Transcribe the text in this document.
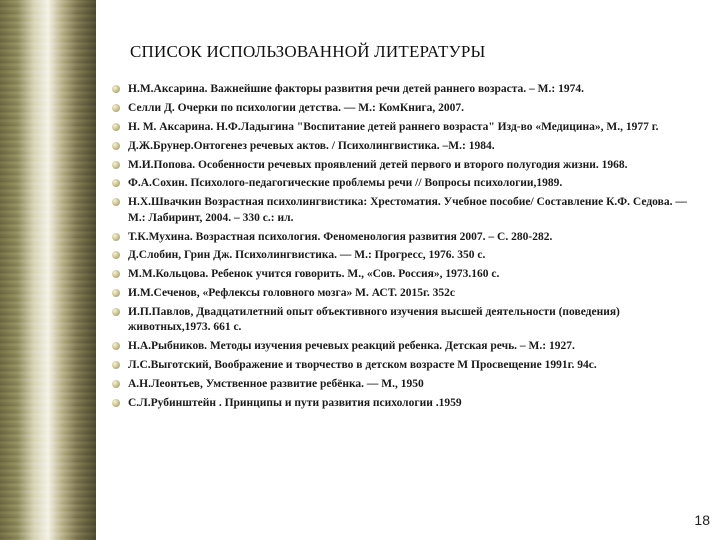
СПИСОК ИСПОЛЬЗОВАННОЙ ЛИТЕРАТУРЫ
Н.М.Аксарина. Важнейшие факторы развития речи детей раннего возраста. – М.: 1974.
Селли Д. Очерки по психологии детства. — М.: КомКнига, 2007.
Н. М. Аксарина. Н.Ф.Ладыгина "Воспитание детей раннего возраста" Изд-во «Медицина», М., 1977 г.
Д.Ж.Брунер.Онтогенез речевых актов. / Психолингвистика. –М.: 1984.
М.И.Попова. Особенности речевых проявлений детей первого и второго полугодия жизни. 1968.
Ф.А.Сохин. Психолого-педагогические проблемы речи // Вопросы психологии,1989.
Н.Х.Швачкин Возрастная психолингвистика: Хрестоматия. Учебное пособие/ Составление К.Ф. Седова. — М.: Лабиринт, 2004. – 330 с.: ил.
Т.К.Мухина. Возрастная психология. Феноменология развития 2007. – С. 280-282.
Д.Слобин, Грин Дж. Психолингвистика. — М.: Прогресс, 1976. 350 с.
М.М.Кольцова. Ребенок учится говорить. М., «Сов. Россия», 1973.160 с.
И.М.Сеченов, «Рефлексы головного мозга» М. АСТ. 2015г. 352с
И.П.Павлов, Двадцатилетний опыт объективного изучения высшей деятельности (поведения) животных,1973. 661 с.
Н.А.Рыбников. Методы изучения речевых реакций ребенка. Детская речь. – М.: 1927.
Л.С.Выготский, Воображение и творчество в детском возрасте М Просвещение 1991г. 94с.
А.Н.Леонтьев, Умственное развитие ребёнка. — М., 1950
С.Л.Рубинштейн . Принципы и пути развития психологии .1959
18
